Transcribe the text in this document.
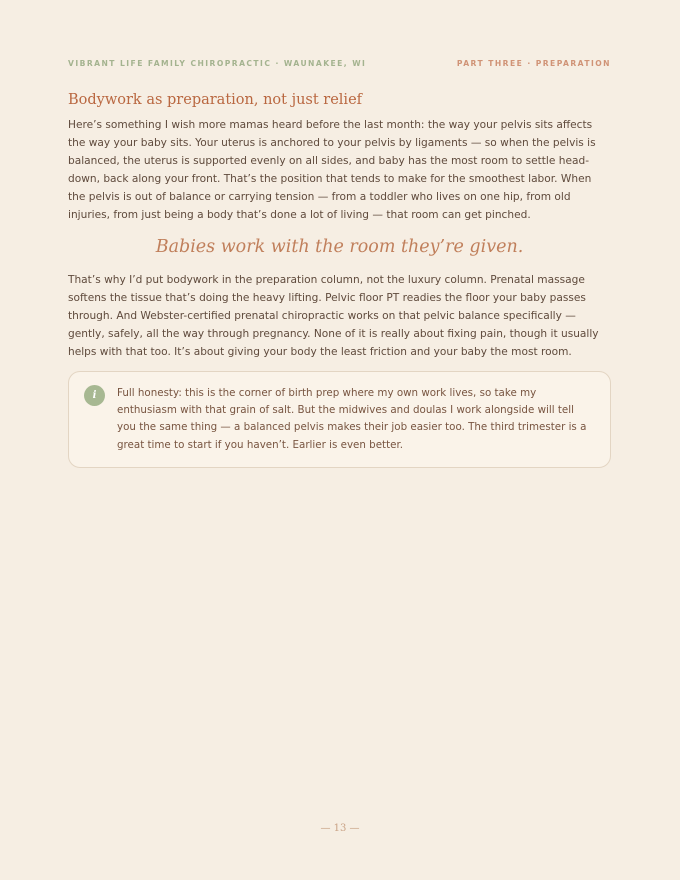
VIBRANT LIFE FAMILY CHIROPRACTIC · WAUNAKEE, WI	PART THREE · PREPARATION
Bodywork as preparation, not just relief

Here’s something I wish more mamas heard before the last month: the way your pelvis sits affects the way your baby sits. Your uterus is anchored to your pelvis by ligaments — so when the pelvis is balanced, the uterus is supported evenly on all sides, and baby has the most room to settle head-down, back along your front. That’s the position that tends to make for the smoothest labor. When the pelvis is out of balance or carrying tension — from a toddler who lives on one hip, from old injuries, from just being a body that’s done a lot of living — that room can get pinched.

Babies work with the room they’re given.

That’s why I’d put bodywork in the preparation column, not the luxury column. Prenatal massage softens the tissue that’s doing the heavy lifting. Pelvic floor PT readies the floor your baby passes through. And Webster-certified prenatal chiropractic works on that pelvic balance specifically — gently, safely, all the way through pregnancy. None of it is really about fixing pain, though it usually helps with that too. It’s about giving your body the least friction and your baby the most room.

i	Full honesty: this is the corner of birth prep where my own work lives, so take my enthusiasm with that grain of salt. But the midwives and doulas I work alongside will tell you the same thing — a balanced pelvis makes their job easier too. The third trimester is a great time to start if you haven’t. Earlier is even better.

— 13 —
